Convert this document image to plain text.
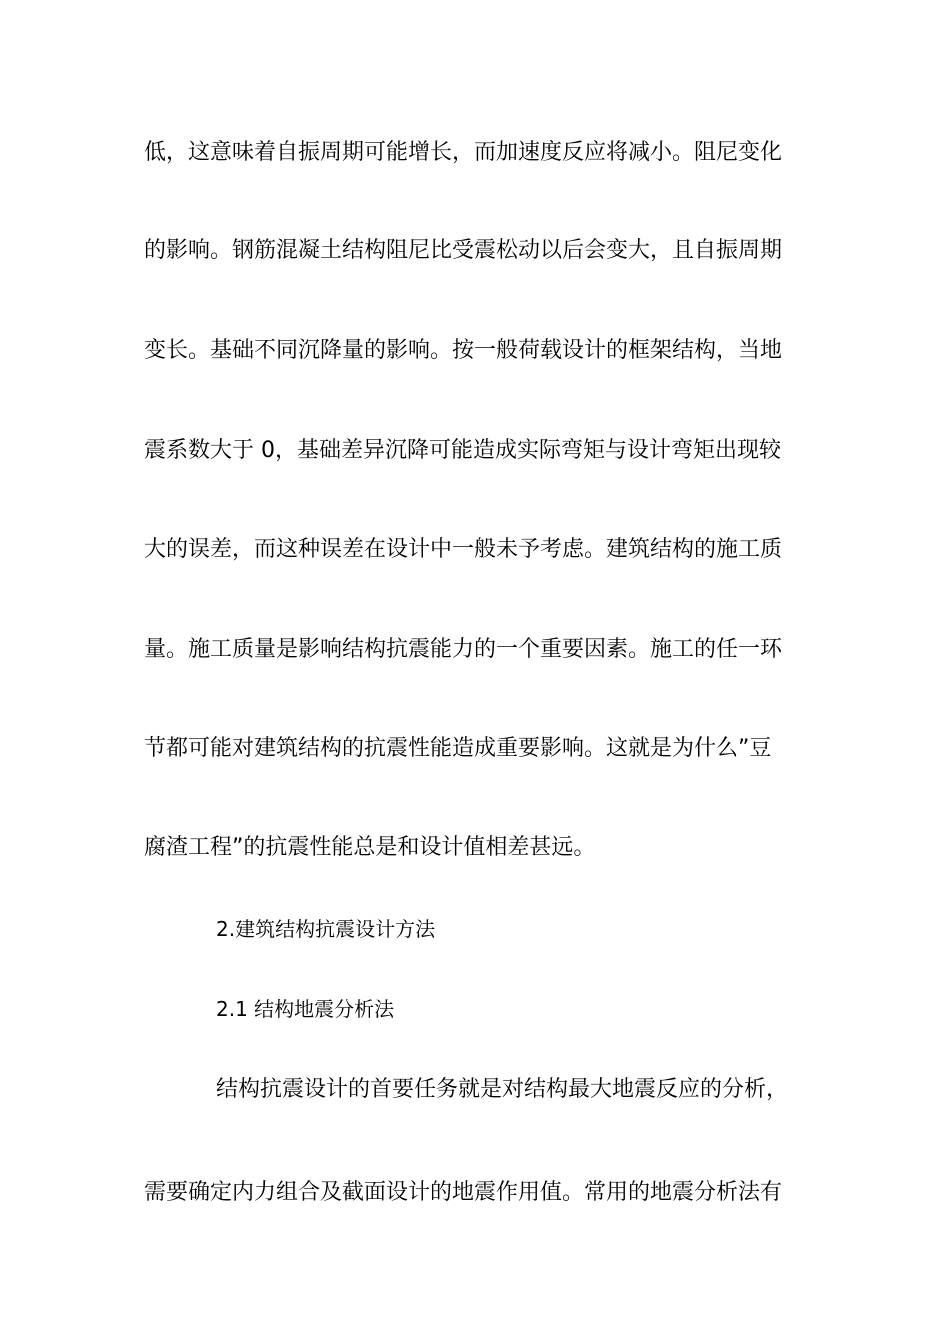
低，这意味着自振周期可能增长，而加速度反应将减小。阻尼变化
的影响。钢筋混凝土结构阻尼比受震松动以后会变大，且自振周期
变长。基础不同沉降量的影响。按一般荷载设计的框架结构，当地
震系数大于 0，基础差异沉降可能造成实际弯矩与设计弯矩出现较
大的误差，而这种误差在设计中一般未予考虑。建筑结构的施工质
量。施工质量是影响结构抗震能力的一个重要因素。施工的任一环
节都可能对建筑结构的抗震性能造成重要影响。这就是为什么”豆
腐渣工程”的抗震性能总是和设计值相差甚远。
2.建筑结构抗震设计方法
2.1 结构地震分析法
结构抗震设计的首要任务就是对结构最大地震反应的分析，
需要确定内力组合及截面设计的地震作用值。常用的地震分析法有
